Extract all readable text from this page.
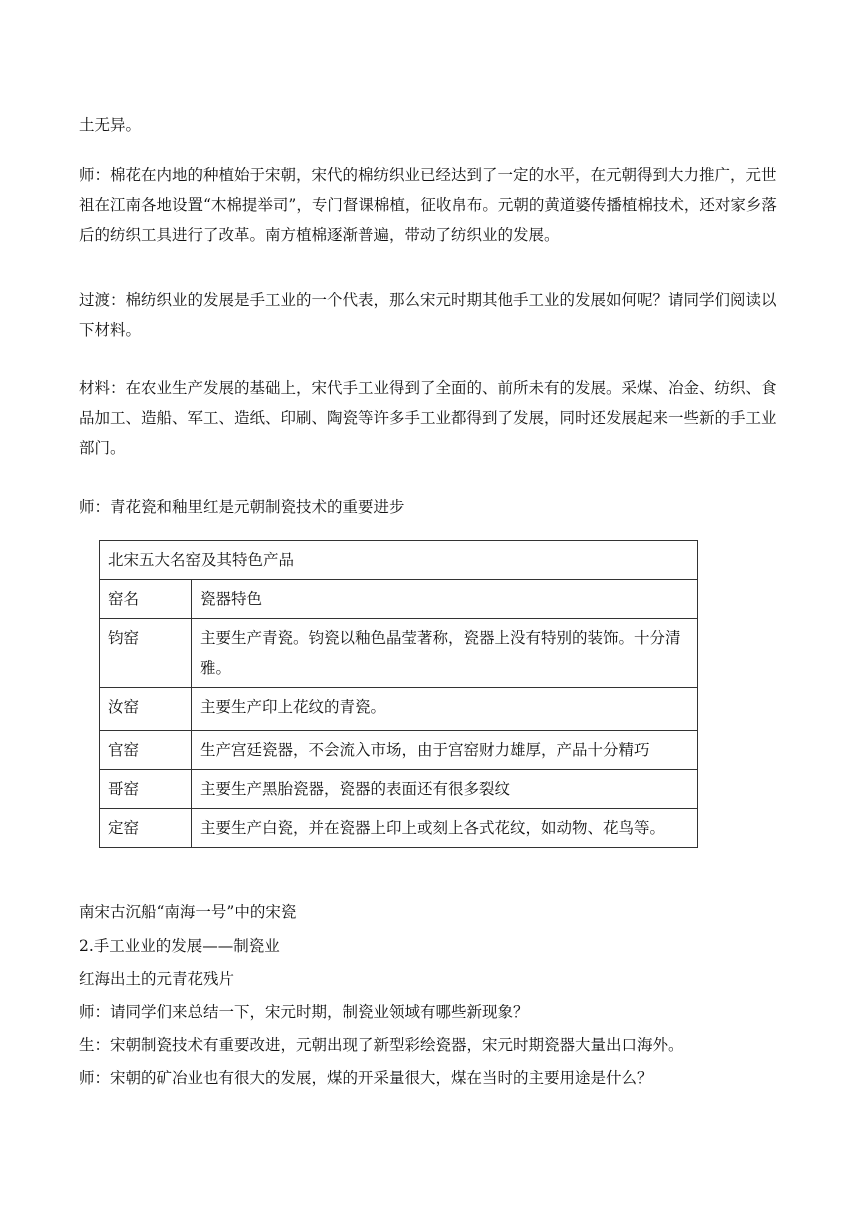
土无异。

师：棉花在内地的种植始于宋朝，宋代的棉纺织业已经达到了一定的水平，在元朝得到大力推广，元世祖在江南各地设置“木棉提举司”，专门督课棉植，征收帛布。元朝的黄道婆传播植棉技术，还对家乡落后的纺织工具进行了改革。南方植棉逐渐普遍，带动了纺织业的发展。

过渡：棉纺织业的发展是手工业的一个代表，那么宋元时期其他手工业的发展如何呢？请同学们阅读以下材料。

材料：在农业生产发展的基础上，宋代手工业得到了全面的、前所未有的发展。采煤、冶金、纺织、食品加工、造船、军工、造纸、印刷、陶瓷等许多手工业都得到了发展，同时还发展起来一些新的手工业部门。

师：青花瓷和釉里红是元朝制瓷技术的重要进步

北宋五大名窑及其特色产品	
窑名	瓷器特色
钧窑	主要生产青瓷。钧瓷以釉色晶莹著称，瓷器上没有特别的装饰。十分清雅。
汝窑	主要生产印上花纹的青瓷。
官窑	生产宫廷瓷器，不会流入市场，由于宫窑财力雄厚，产品十分精巧
哥窑	主要生产黑胎瓷器，瓷器的表面还有很多裂纹
定窑	主要生产白瓷，并在瓷器上印上或刻上各式花纹，如动物、花鸟等。

南宋古沉船“南海一号”中的宋瓷

2.手工业业的发展——制瓷业

红海出土的元青花残片

师：请同学们来总结一下，宋元时期，制瓷业领域有哪些新现象？

生：宋朝制瓷技术有重要改进，元朝出现了新型彩绘瓷器，宋元时期瓷器大量出口海外。

师：宋朝的矿冶业也有很大的发展，煤的开采量很大，煤在当时的主要用途是什么？
